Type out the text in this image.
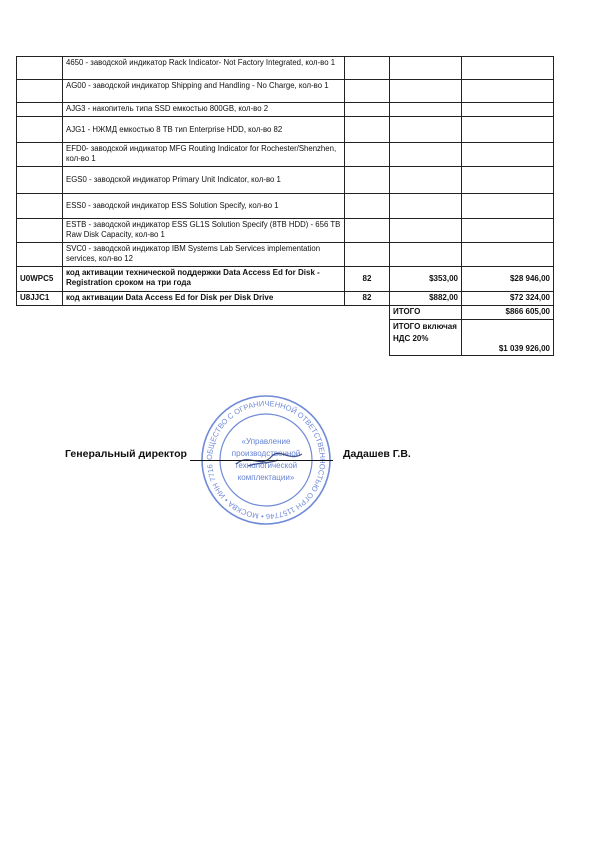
	4650 - заводской индикатор Rack Indicator- Not Factory Integrated, кол-во 1			
	AG00 - заводской индикатор Shipping and Handling - No Charge, кол-во 1			
	AJG3 - накопитель типа SSD емкостью 800GB, кол-во 2			
	AJG1 - НЖМД емкостью 8 TB тип Enterprise HDD, кол-во 82			
	EFD0- заводской индикатор MFG Routing Indicator for Rochester/Shenzhen, кол-во 1			
	EGS0 - заводской индикатор Primary Unit Indicator, кол-во 1			
	ESS0 - заводской индикатор ESS Solution Specify, кол-во 1			
	ESTB - заводской индикатор ESS GL1S Solution Specify (8TB HDD) - 656 TB Raw Disk Capacity, кол-во 1			
	SVC0 - заводской индикатор IBM Systems Lab Services implementation services, кол-во 12			
U0WPC5	код активации технической поддержки Data Access Ed for Disk - Registration сроком на три года	82	$353,00	$28 946,00
U8JJC1	код активации Data Access Ed for Disk per Disk Drive	82	$882,00	$72 324,00
			ИТОГО	$866 605,00
			ИТОГО включая НДС 20%	$1 039 926,00
ОБЩЕСТВО С ОГРАНИЧЕННОЙ ОТВЕТСТВЕННОСТЬЮ ОГРН 1157746 • МОСКВА • ИНН 7716
«Управление
производственной
технологической
комплектации»
Генеральный директор	Дадашев Г.В.
